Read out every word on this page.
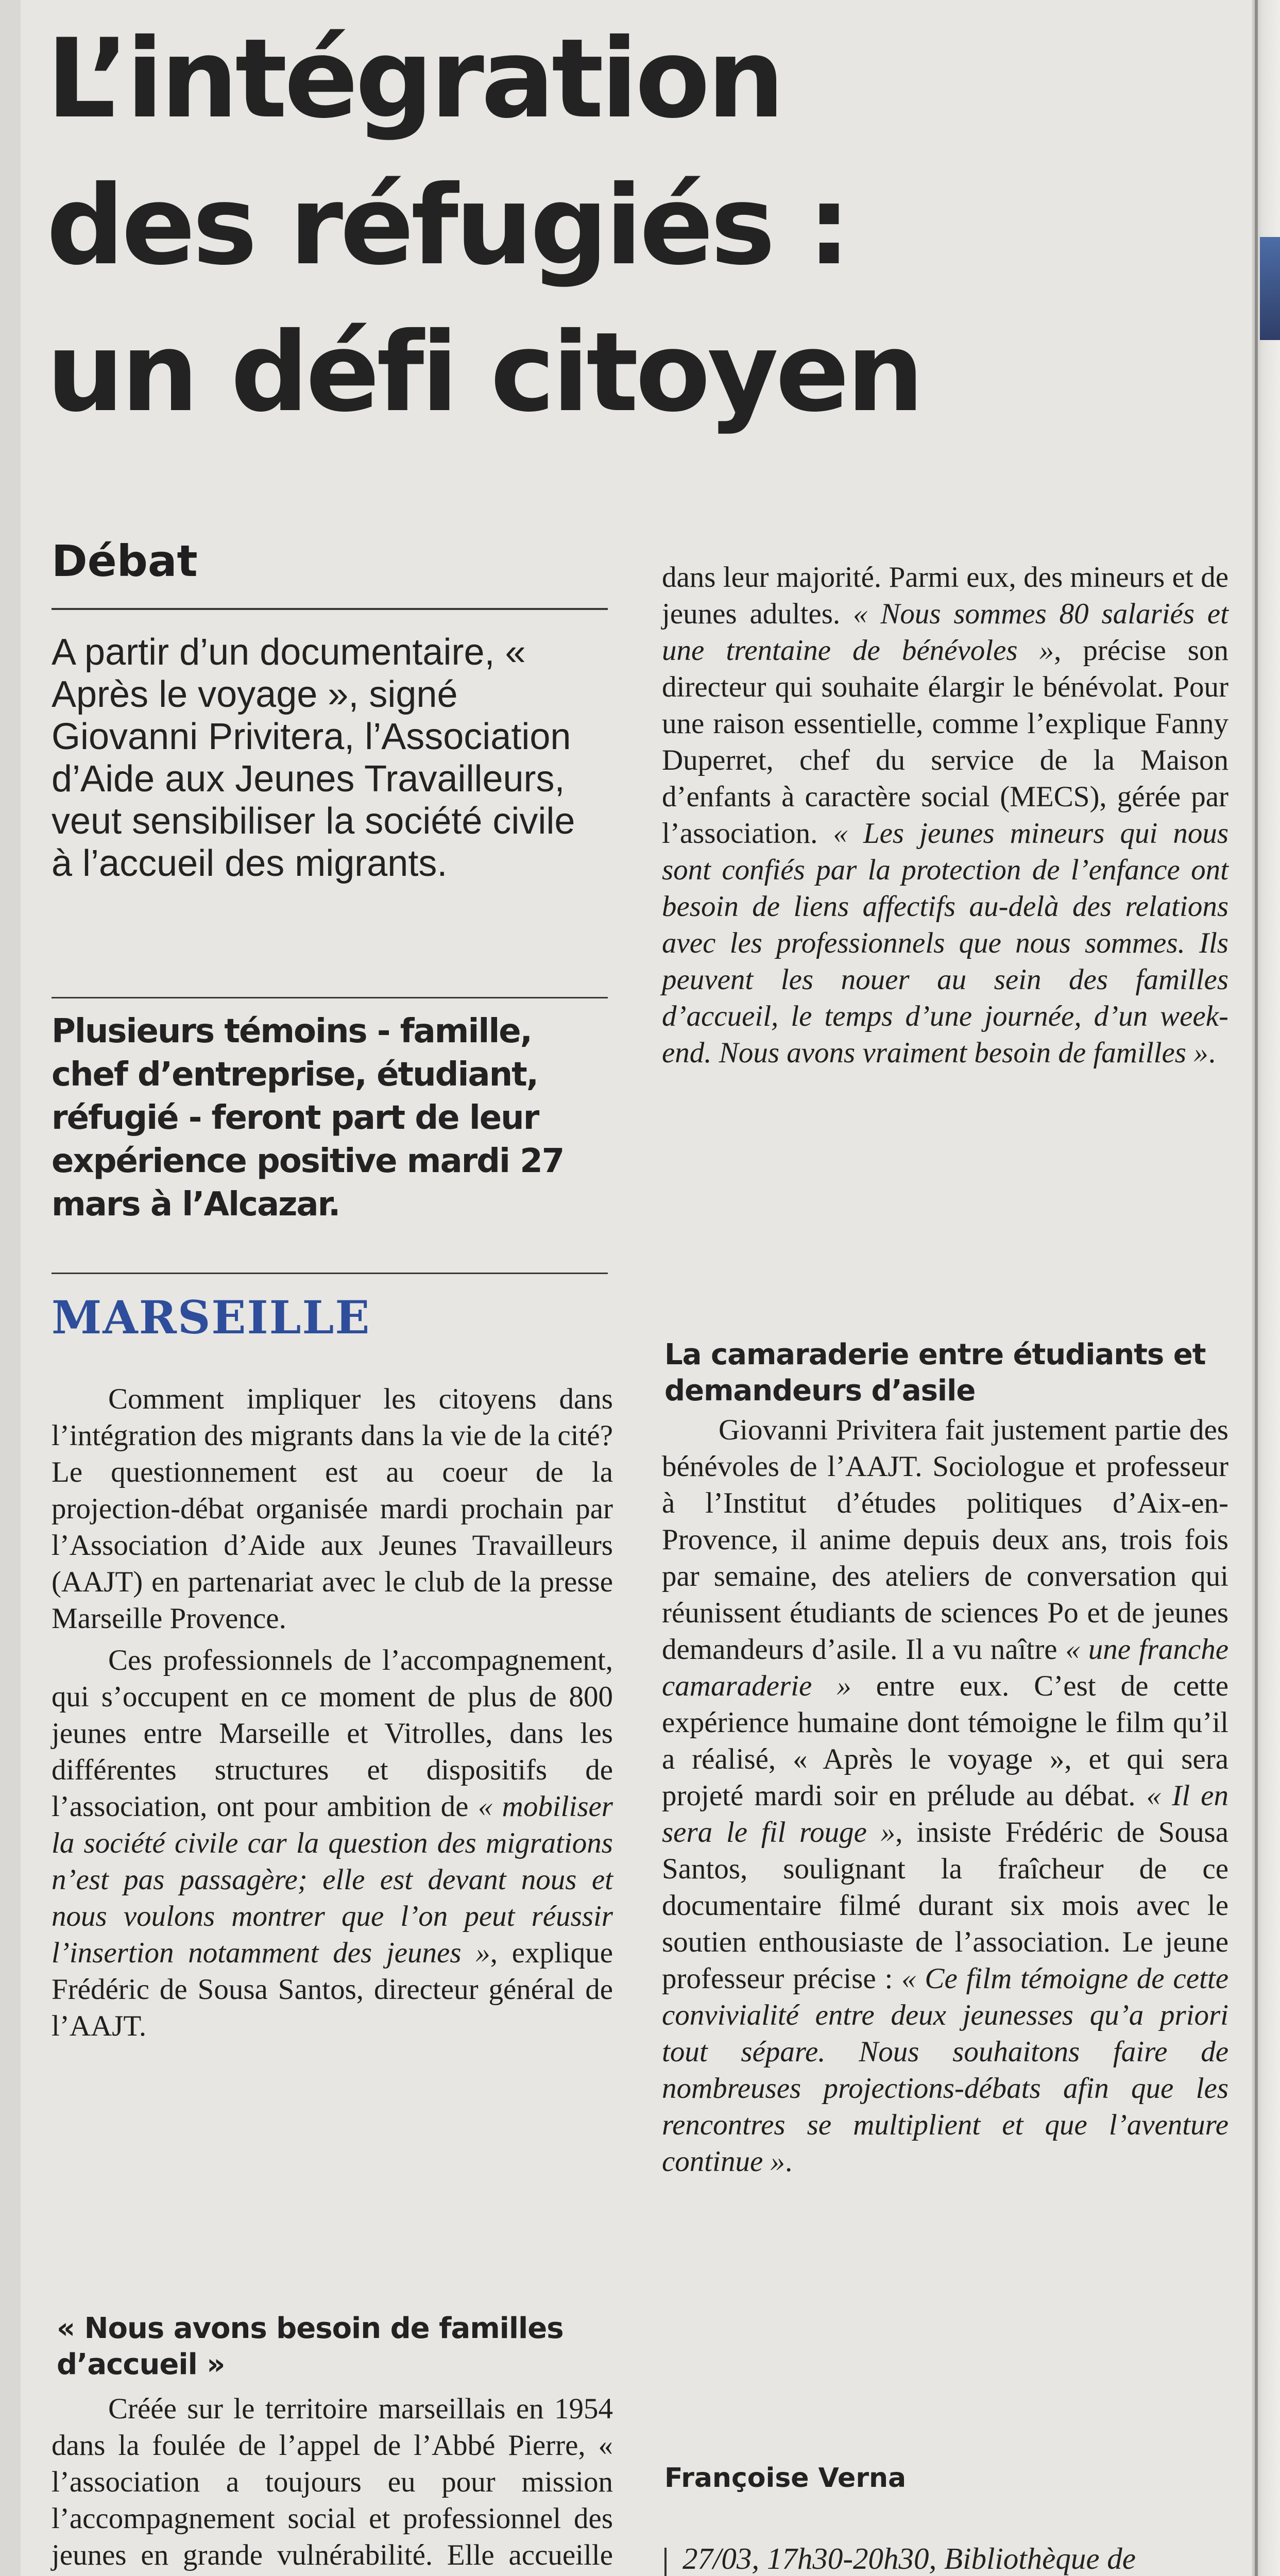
L’intégration
des réfugiés :
un défi citoyen
Débat

A partir d’un documentaire, « Après le voyage », signé Giovanni Privitera, l’Association d’Aide aux Jeunes Travailleurs, veut sensibiliser la société civile à l’accueil des migrants.

Plusieurs témoins - famille, chef d’entreprise, étudiant, réfugié - feront part de leur expérience positive mardi 27 mars à l’Alcazar.

MARSEILLE

Comment impliquer les citoyens dans l’intégration des migrants dans la vie de la cité? Le questionnement est au coeur de la projection-débat organisée mardi prochain par l’Association d’Aide aux Jeunes Travailleurs (AAJT) en partenariat avec le club de la presse Marseille Provence.

Ces professionnels de l’accompagnement, qui s’occupent en ce moment de plus de 800 jeunes entre Marseille et Vitrolles, dans les différentes structures et dispositifs de l’association, ont pour ambition de « mobiliser la société civile car la question des migrations n’est pas passagère; elle est devant nous et nous voulons montrer que l’on peut réussir l’insertion notamment des jeunes », explique Frédéric de Sousa Santos, directeur général de l’AAJT.

« Nous avons besoin de familles d’accueil »

Créée sur le territoire marseillais en 1954 dans la foulée de l’appel de l’Abbé Pierre, « l’association a toujours eu pour mission l’accompagnement social et professionnel des jeunes en grande vulnérabilité. Elle accueille

dans leur majorité. Parmi eux, des mineurs et de jeunes adultes. « Nous sommes 80 salariés et une trentaine de bénévoles », précise son directeur qui souhaite élargir le bénévolat. Pour une raison essentielle, comme l’explique Fanny Duperret, chef du service de la Maison d’enfants à caractère social (MECS), gérée par l’association. « Les jeunes mineurs qui nous sont confiés par la protection de l’enfance ont besoin de liens affectifs au-delà des relations avec les professionnels que nous sommes. Ils peuvent les nouer au sein des familles d’accueil, le temps d’une journée, d’un week-end. Nous avons vraiment besoin de familles ».

La camaraderie entre étudiants et demandeurs d’asile

Giovanni Privitera fait justement partie des bénévoles de l’AAJT. Sociologue et professeur à l’Institut d’études politiques d’Aix-en-Provence, il anime depuis deux ans, trois fois par semaine, des ateliers de conversation qui réunissent étudiants de sciences Po et de jeunes demandeurs d’asile. Il a vu naître « une franche camaraderie » entre eux. C’est de cette expérience humaine dont témoigne le film qu’il a réalisé, « Après le voyage », et qui sera projeté mardi soir en prélude au débat. « Il en sera le fil rouge », insiste Frédéric de Sousa Santos, soulignant la fraîcheur de ce documentaire filmé durant six mois avec le soutien enthousiaste de l’association. Le jeune professeur précise : « Ce film témoigne de cette convivialité entre deux jeunesses qu’a priori tout sépare. Nous souhaitons faire de nombreuses projections-débats afin que les rencontres se multiplient et que l’aventure continue ».

Françoise Verna

27/03, 17h30-20h30, Bibliothèque de
